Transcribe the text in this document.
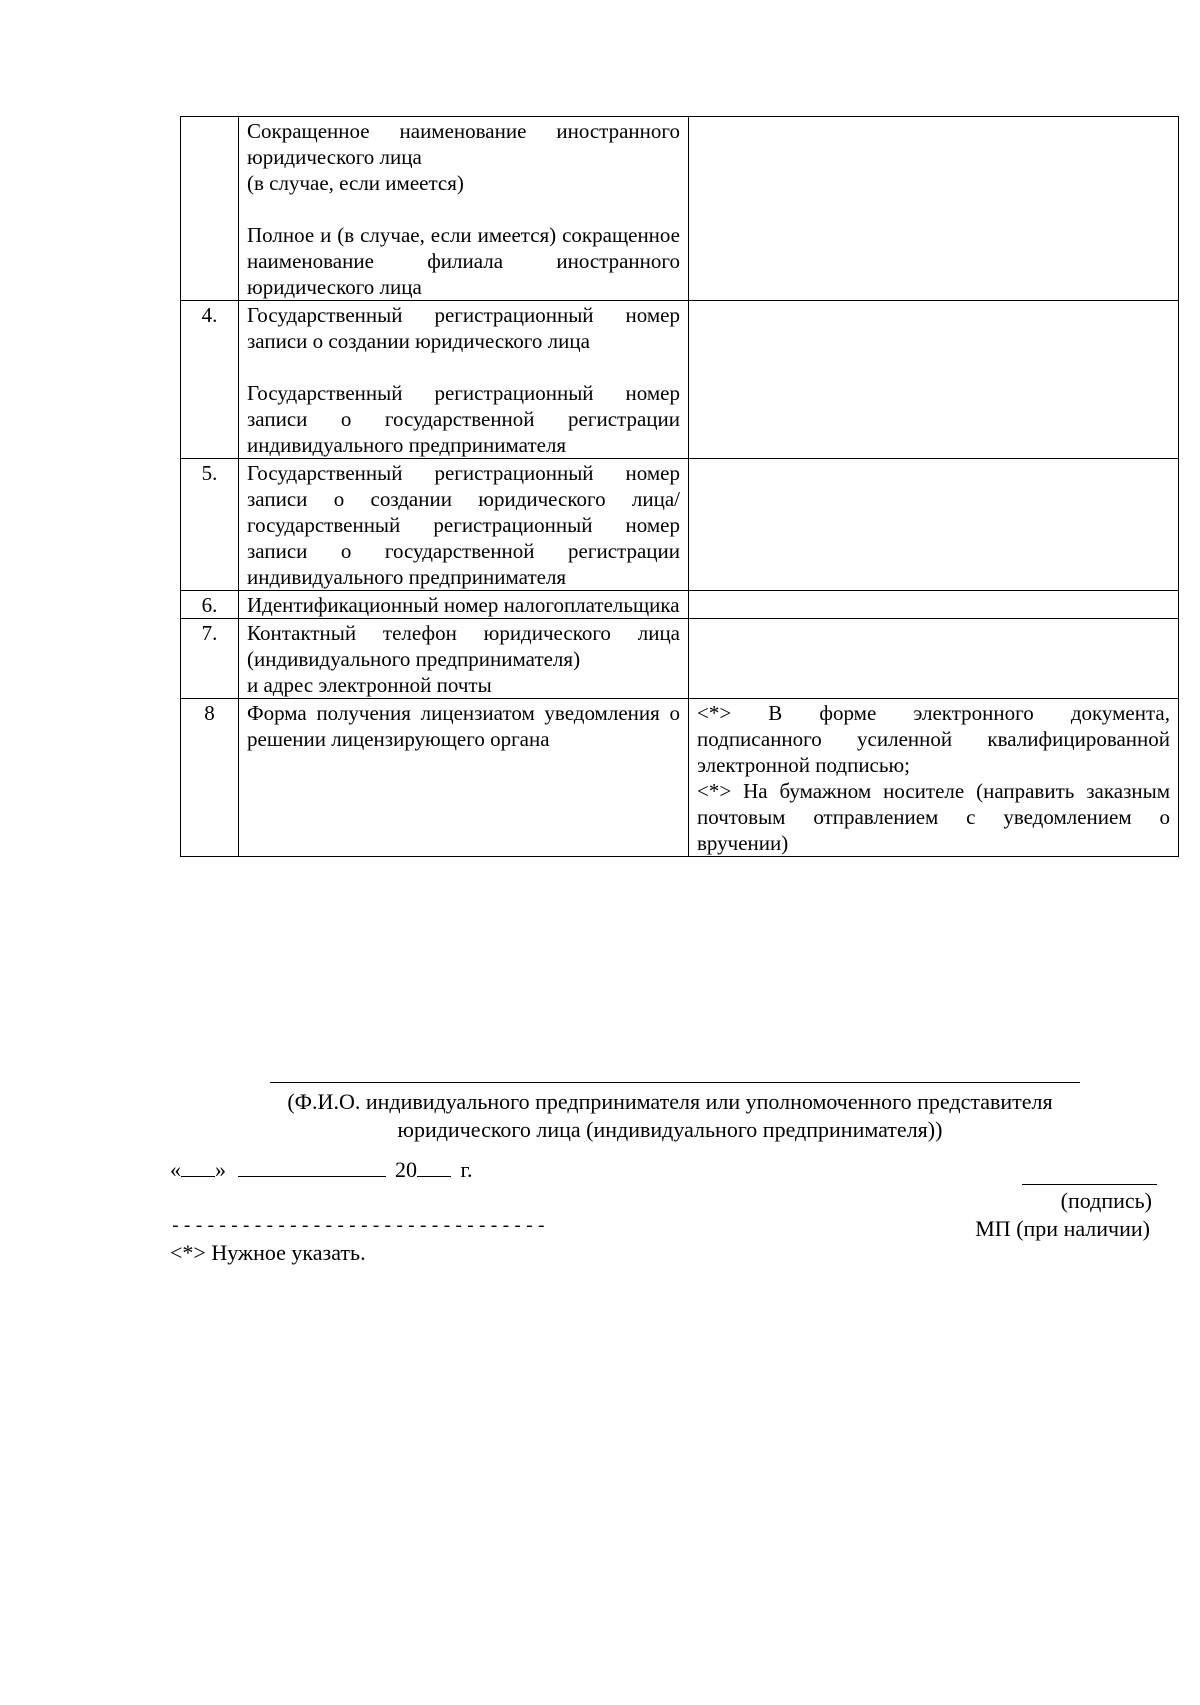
	Сокращенное наименование иностранного юридического лица
(в случае, если имеется)
Полное и (в случае, если имеется) сокращенное наименование филиала иностранного юридического лица	

4.	Государственный регистрационный номер записи о создании юридического лица
Государственный регистрационный номер записи о государственной регистрации индивидуального предпринимателя	

5.	Государственный регистрационный номер записи о создании юридического лица/государственный регистрационный номер записи о государственной регистрации индивидуального предпринимателя	

6.	Идентификационный номер налогоплательщика	

7.	Контактный телефон юридического лица (индивидуального предпринимателя)
и адрес электронной почты	

8	Форма получения лицензиатом уведомления о решении лицензирующего органа	<*> В форме электронного документа, подписанного усиленной квалифицированной электронной подписью;
<*> На бумажном носителе (направить заказным почтовым отправлением с уведомлением о вручении)
(Ф.И.О. индивидуального предпринимателя или уполномоченного представителя
юридического лица (индивидуального предпринимателя))
« »	20 г.
(подпись)
МП (при наличии)
--------------------------------
<*> Нужное указать.
